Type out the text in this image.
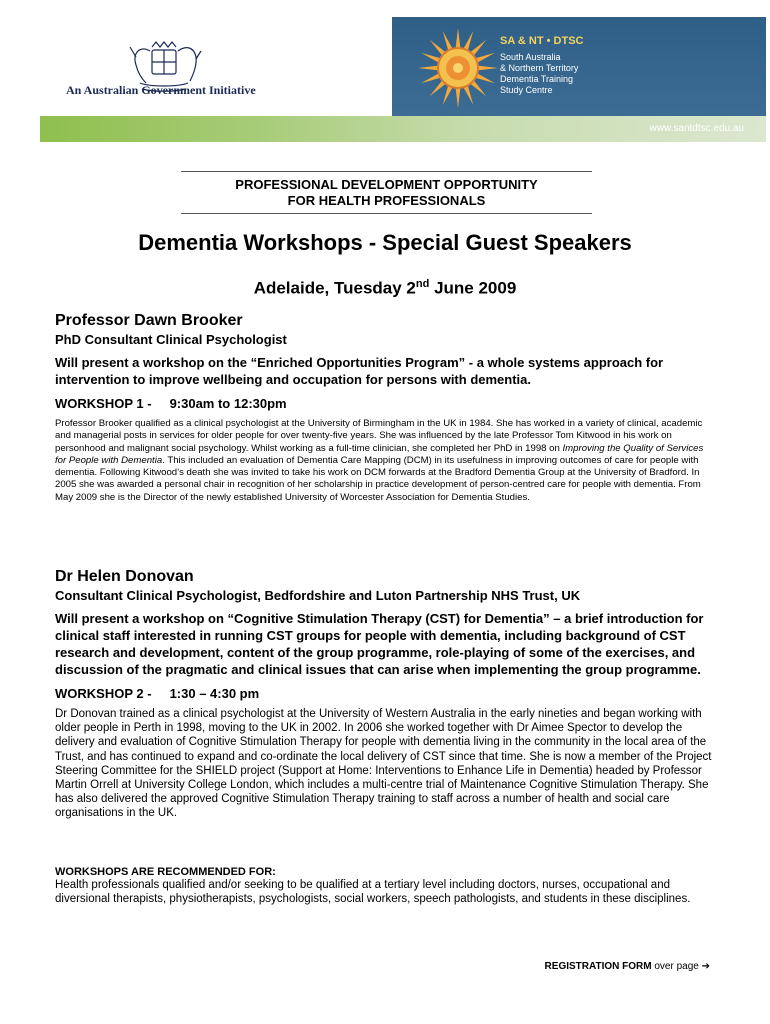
An Australian Government Initiative
SA & NT • DTSC
South Australia
& Northern Territory
Dementia Training
Study Centre
www.santdtsc.edu.au
PROFESSIONAL DEVELOPMENT OPPORTUNITY
FOR HEALTH PROFESSIONALS
Dementia Workshops - Special Guest Speakers
Adelaide, Tuesday 2nd June 2009
Professor Dawn Brooker
PhD Consultant Clinical Psychologist
Will present a workshop on the “Enriched Opportunities Program” - a whole systems approach for intervention to improve wellbeing and occupation for persons with dementia.
WORKSHOP 1 - 9:30am to 12:30pm
Professor Brooker qualified as a clinical psychologist at the University of Birmingham in the UK in 1984. She has worked in a variety of clinical, academic and managerial posts in services for older people for over twenty-five years. She was influenced by the late Professor Tom Kitwood in his work on personhood and malignant social psychology. Whilst working as a full-time clinician, she completed her PhD in 1998 on Improving the Quality of Services for People with Dementia. This included an evaluation of Dementia Care Mapping (DCM) in its usefulness in improving outcomes of care for people with dementia. Following Kitwood’s death she was invited to take his work on DCM forwards at the Bradford Dementia Group at the University of Bradford. In 2005 she was awarded a personal chair in recognition of her scholarship in practice development of person-centred care for people with dementia. From May 2009 she is the Director of the newly established University of Worcester Association for Dementia Studies.
Dr Helen Donovan
Consultant Clinical Psychologist, Bedfordshire and Luton Partnership NHS Trust, UK
Will present a workshop on “Cognitive Stimulation Therapy (CST) for Dementia” – a brief introduction for clinical staff interested in running CST groups for people with dementia, including background of CST research and development, content of the group programme, role-playing of some of the exercises, and discussion of the pragmatic and clinical issues that can arise when implementing the group programme.
WORKSHOP 2 - 1:30 – 4:30 pm
Dr Donovan trained as a clinical psychologist at the University of Western Australia in the early nineties and began working with older people in Perth in 1998, moving to the UK in 2002. In 2006 she worked together with Dr Aimee Spector to develop the delivery and evaluation of Cognitive Stimulation Therapy for people with dementia living in the community in the local area of the Trust, and has continued to expand and co-ordinate the local delivery of CST since that time. She is now a member of the Project Steering Committee for the SHIELD project (Support at Home: Interventions to Enhance Life in Dementia) headed by Professor Martin Orrell at University College London, which includes a multi-centre trial of Maintenance Cognitive Stimulation Therapy. She has also delivered the approved Cognitive Stimulation Therapy training to staff across a number of health and social care organisations in the UK.
WORKSHOPS ARE RECOMMENDED FOR:
Health professionals qualified and/or seeking to be qualified at a tertiary level including doctors, nurses, occupational and diversional therapists, physiotherapists, psychologists, social workers, speech pathologists, and students in these disciplines.
REGISTRATION FORM over page ➔
